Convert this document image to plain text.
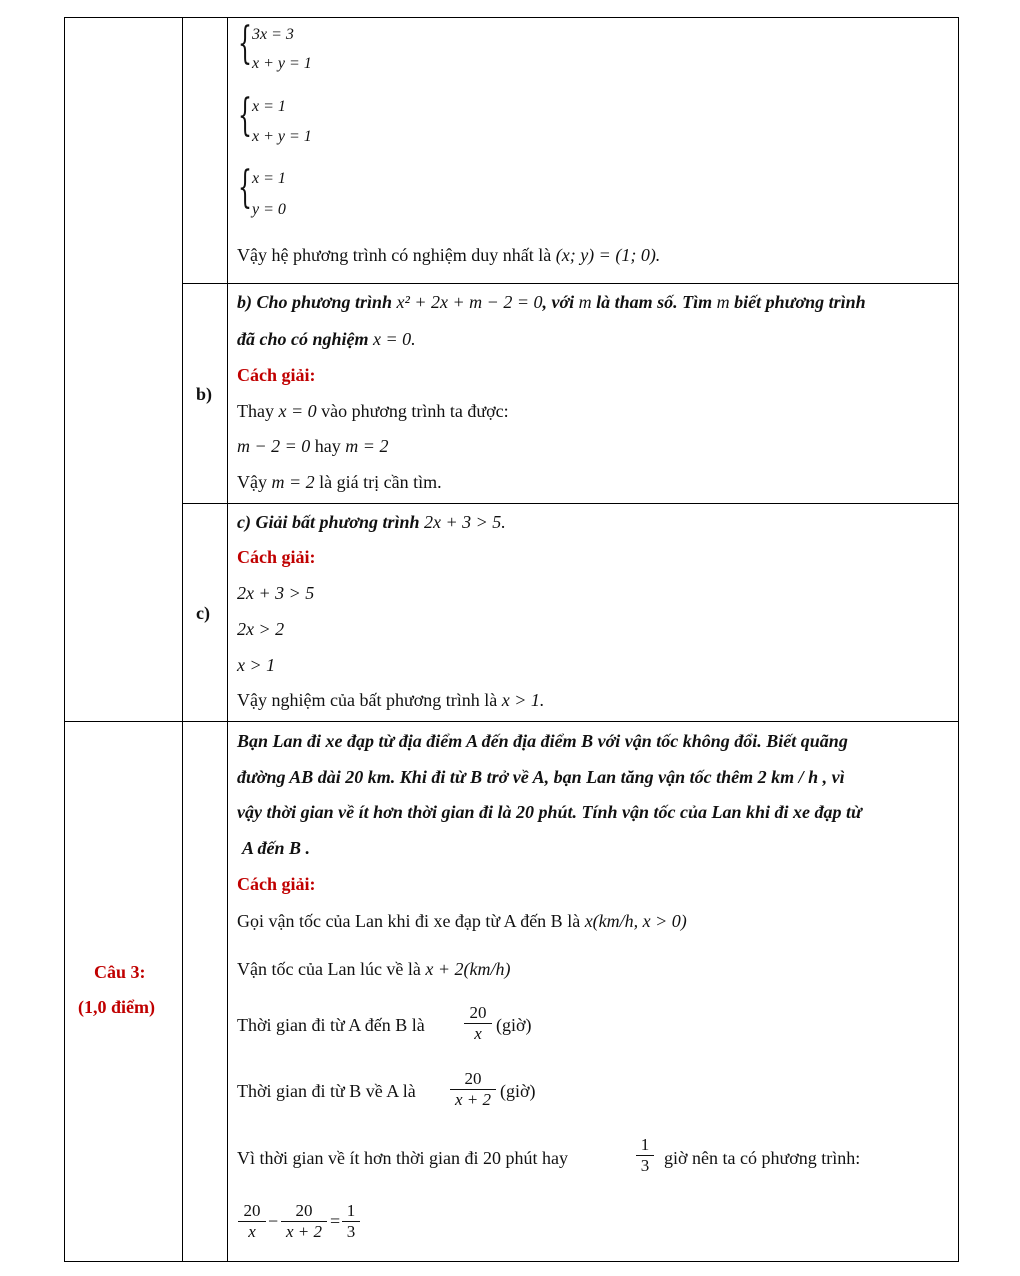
{ 3x = 3
x + y = 1
{ x = 1
x + y = 1
{ x = 1
y = 0
Vậy hệ phương trình có nghiệm duy nhất là (x; y) = (1; 0).
b)
b) Cho phương trình x² + 2x + m − 2 = 0, với m là tham số. Tìm m biết phương trình
đã cho có nghiệm x = 0.
Cách giải:
Thay x = 0 vào phương trình ta được:
m − 2 = 0 hay m = 2
Vậy m = 2 là giá trị cần tìm.
c)
c) Giải bất phương trình 2x + 3 > 5.
Cách giải:
2x + 3 > 5
2x > 2
x > 1
Vậy nghiệm của bất phương trình là x > 1.
Câu 3:
(1,0 điểm)
Bạn Lan đi xe đạp từ địa điểm A đến địa điểm B với vận tốc không đổi. Biết quãng
đường AB dài 20 km. Khi đi từ B trở về A, bạn Lan tăng vận tốc thêm 2 km / h , vì
vậy thời gian về ít hơn thời gian đi là 20 phút. Tính vận tốc của Lan khi đi xe đạp từ
A đến B .
Cách giải:
Gọi vận tốc của Lan khi đi xe đạp từ A đến B là x(km/h, x > 0)
Vận tốc của Lan lúc về là x + 2(km/h)
Thời gian đi từ A đến B là $\frac{20}{x}$ (giờ)
Thời gian đi từ B về A là $\frac{20}{x + 2}$ (giờ)
Vì thời gian về ít hơn thời gian đi 20 phút hay	$\frac{1}{3}$ giờ nên ta có phương trình:
$\frac{20}{x} - \frac{20}{x + 2} = \frac{1}{3}$
